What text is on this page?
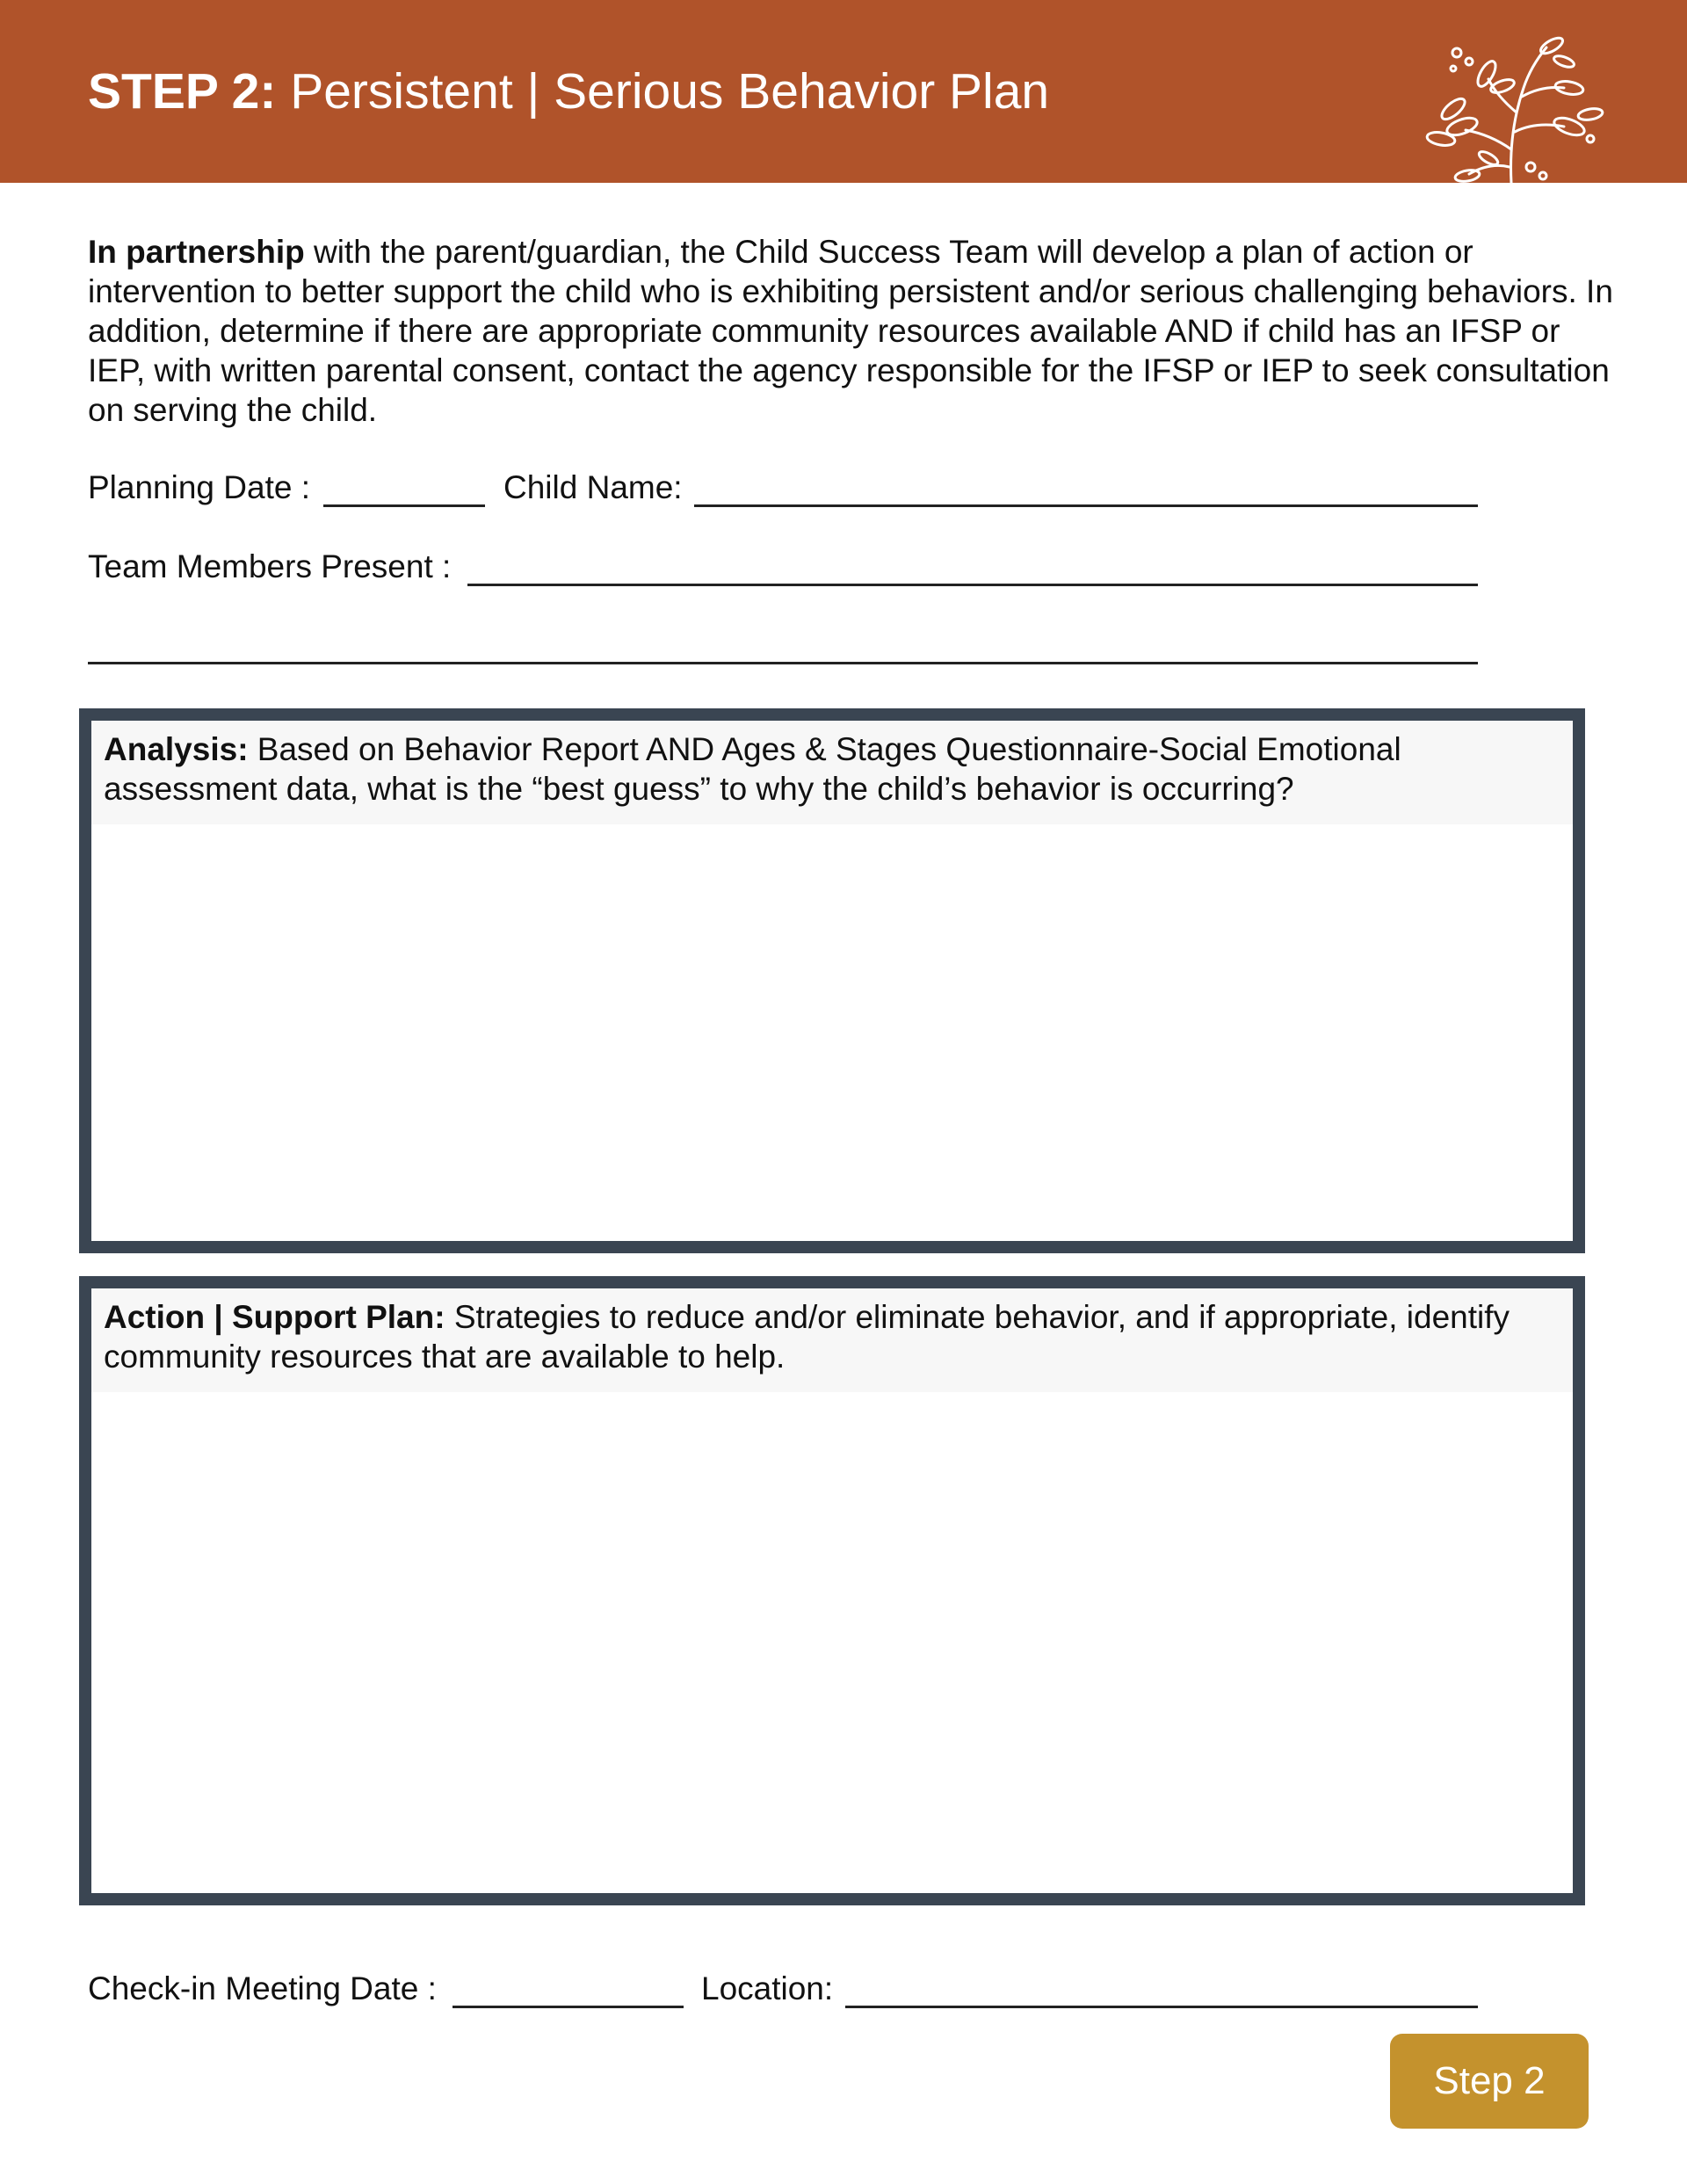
STEP 2: Persistent | Serious Behavior Plan
In partnership with the parent/guardian, the Child Success Team will develop a plan of action or intervention to better support the child who is exhibiting persistent and/or serious challenging behaviors. In addition, determine if there are appropriate community resources available AND if child has an IFSP or IEP, with written parental consent, contact the agency responsible for the IFSP or IEP to seek consultation on serving the child.
Planning Date :	Child Name:
Team Members Present :
Analysis: Based on Behavior Report AND Ages & Stages Questionnaire-Social Emotional assessment data, what is the “best guess” to why the child’s behavior is occurring?
Action | Support Plan: Strategies to reduce and/or eliminate behavior, and if appropriate, identify community resources that are available to help.
Check-in Meeting Date :	Location:
Step 2
